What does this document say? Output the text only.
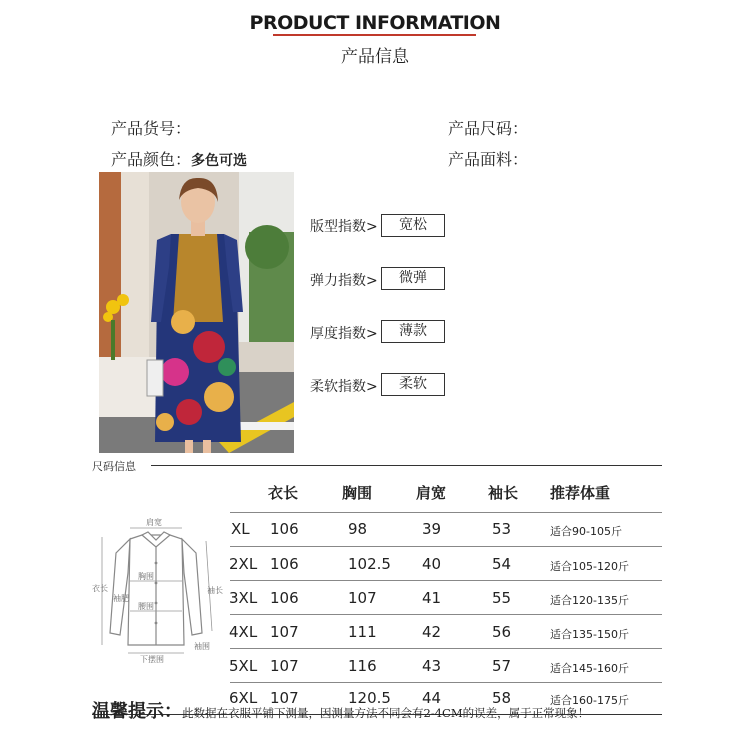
PRODUCT INFORMATION
产品信息
产品货号：	产品尺码：
产品颜色：多色可选	产品面料：
版型指数>	宽松
弹力指数>	微弹
厚度指数>	薄款
柔软指数>	柔软
尺码信息
衣长	胸围	肩宽	袖长 推荐体重
XL 106	98	39	53	适合90-105斤
2XL 106	102.5 40	54	适合105-120斤
3XL 106	107	41	55	适合120-135斤
4XL 107	111	42	56	适合135-150斤
5XL 107	116	43	57	适合145-160斤
6XL 107	120.5 44	58	适合160-175斤
肩宽
衣长	袖长
胸围
腰围
下摆围
袖围
袖肥
温馨提示：此数据在衣服平铺下测量，因测量方法不同会有2-4CM的误差，属于正常现象！
